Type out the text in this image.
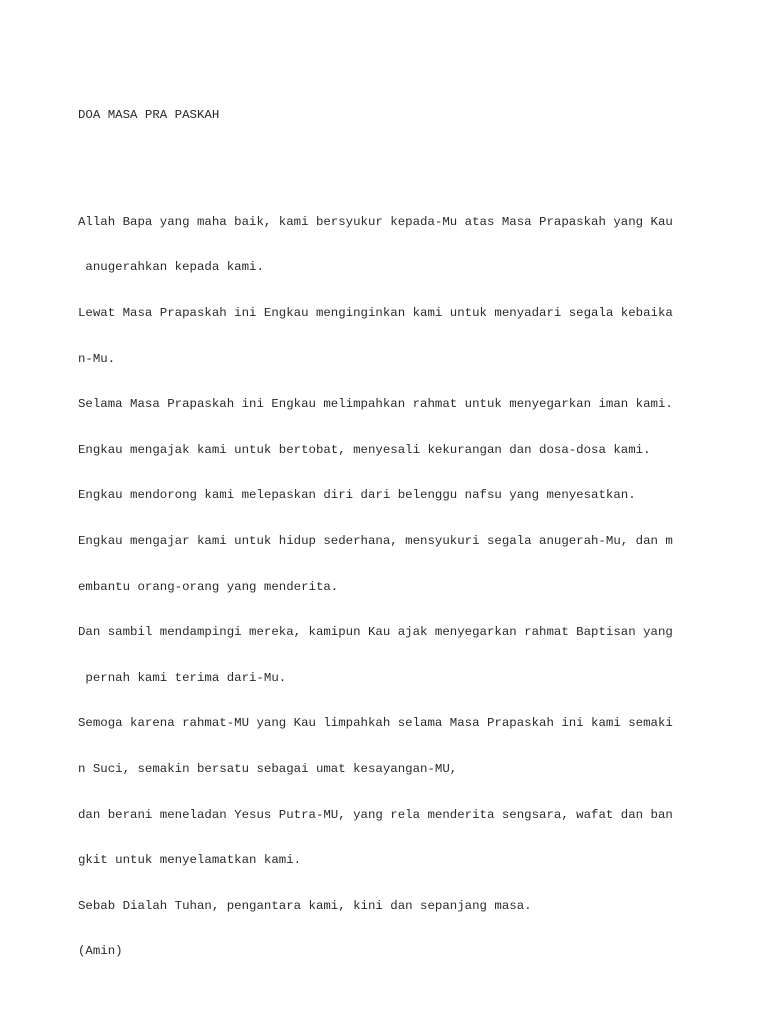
DOA MASA PRA PASKAH

Allah Bapa yang maha baik, kami bersyukur kepada-Mu atas Masa Prapaskah yang Kau

anugerahkan kepada kami.

Lewat Masa Prapaskah ini Engkau menginginkan kami untuk menyadari segala kebaika

n-Mu.

Selama Masa Prapaskah ini Engkau melimpahkan rahmat untuk menyegarkan iman kami.

Engkau mengajak kami untuk bertobat, menyesali kekurangan dan dosa-dosa kami.

Engkau mendorong kami melepaskan diri dari belenggu nafsu yang menyesatkan.

Engkau mengajar kami untuk hidup sederhana, mensyukuri segala anugerah-Mu, dan m

embantu orang-orang yang menderita.

Dan sambil mendampingi mereka, kamipun Kau ajak menyegarkan rahmat Baptisan yang

pernah kami terima dari-Mu.

Semoga karena rahmat-MU yang Kau limpahkah selama Masa Prapaskah ini kami semaki

n Suci, semakin bersatu sebagai umat kesayangan-MU,

dan berani meneladan Yesus Putra-MU, yang rela menderita sengsara, wafat dan ban

gkit untuk menyelamatkan kami.

Sebab Dialah Tuhan, pengantara kami, kini dan sepanjang masa.

(Amin)
